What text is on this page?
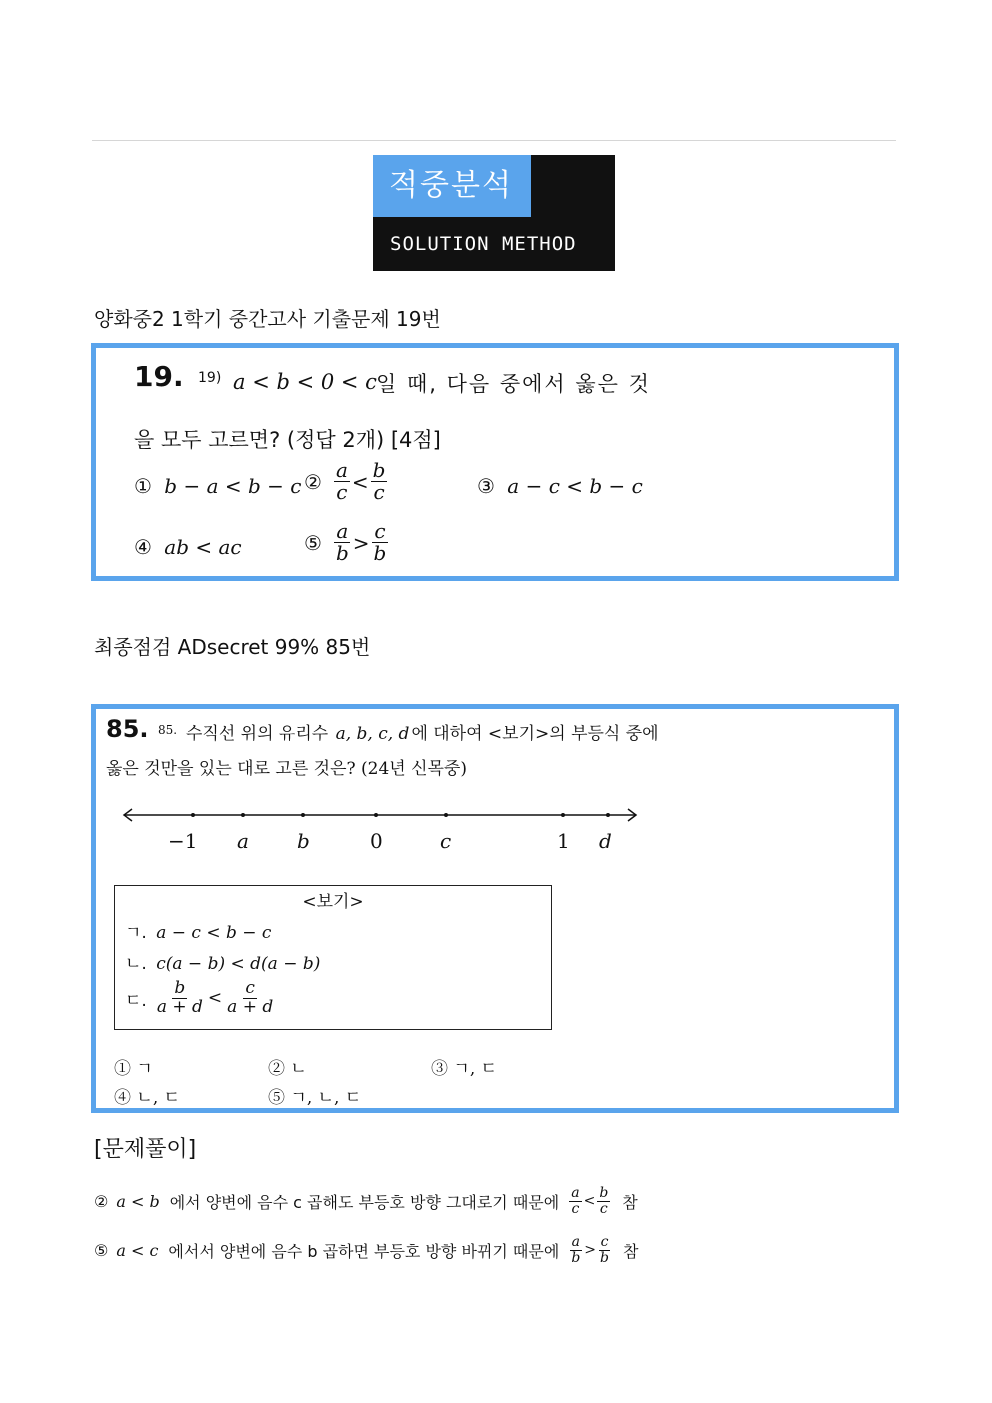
적중분석
SOLUTION METHOD
양화중2 1학기 중간고사 기출문제 19번
19. 19) a < b < 0 < c 일 때, 다음 중에서 옳은 것
을 모두 고르면? (정답 2개) [4점]
① b − a < b − c ② $\frac{a}{c} < \frac{b}{c}$	③ a − c < b − c
④ ab < ac	⑤ $\frac{a}{b} > \frac{c}{b}$
최종점검 ADsecret 99% 85번
85. 85. 수직선 위의 유리수 a, b, c, d 에 대하여 <보기>의 부등식 중에
옳은 것만을 있는 대로 고른 것은? (24년 신목중)
−1 a b	0	c	1 d
<보기>
ㄱ. a − c < b − c
ㄴ. c(a − b) < d(a − b)
ㄷ. $\frac{b}{a + d} < \frac{c}{a + d}$
① ㄱ	② ㄴ	③ ㄱ, ㄷ
④ ㄴ, ㄷ	⑤ ㄱ, ㄴ, ㄷ
[문제풀이]
② a < b 에서 양변에 음수 c 곱해도 부등호 방향 그대로기 때문에 $\frac{a}{c} < \frac{b}{c}$ 참
⑤ a < c 에서서 양변에 음수 b 곱하면 부등호 방향 바뀌기 때문에 $\frac{a}{b} > \frac{c}{b}$ 참
